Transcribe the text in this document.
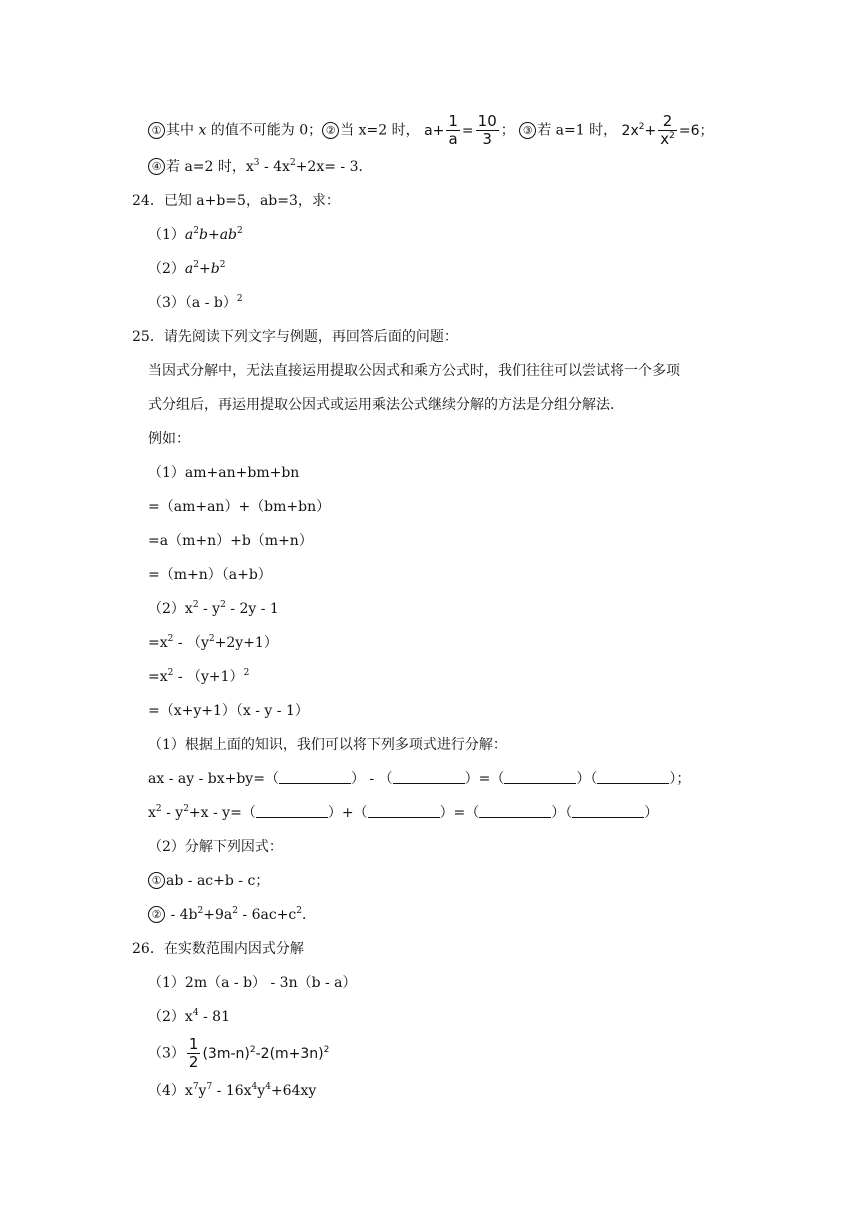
① 其中 x 的值不可能为 0； ② 当 x=2 时， $a+ \frac{1}{a} = \frac{10}{3}$ ； ③ 若 a=1 时， $2x^2+ \frac{2}{x^2} =6$；
④ 若 a=2 时，$x^3 - 4x^2+2x= - 3$．
24．已知 a+b=5，ab=3，求：
$(1)a^2b+ab^2$
$(2)a^2+b^2$
（3）（a - b）$^2$
25．请先阅读下列文字与例题，再回答后面的问题：
当因式分解中，无法直接运用提取公因式和乘方公式时，我们往往可以尝试将一个多项
式分组后，再运用提取公因式或运用乘法公式继续分解的方法是分组分解法．
例如：
（1）am+an+bm+bn
=（am+an）+（bm+bn）
=a（m+n）+b（m+n）
=（m+n）（a+b）
$(2)x^2 - y^2 - 2y - 1$
$=x^2 - (y^2+2y+1)$
$=x^2 - (y+1)^2$
=（x+y+1）（x - y - 1）
（1）根据上面的知识，我们可以将下列多项式进行分解：
ax - ay - bx+by=（	） - （	）=（	）（	）；
$x^2 - y^2+x - y=$（	）+（	）=（	）（	）
（2）分解下列因式：
① ab - ac+b - c；
② - $4b^2+9a^2 - 6ac+c^2$．
26．在实数范围内因式分解
（1）2m（a - b） - 3n（b - a）
$(2)x^4 - 81$
$(3) \frac{1}{2} (3m-n)^2-2(m+3n)^2$
$(4)x^7y^7 - 16x^4y^4+64xy$
